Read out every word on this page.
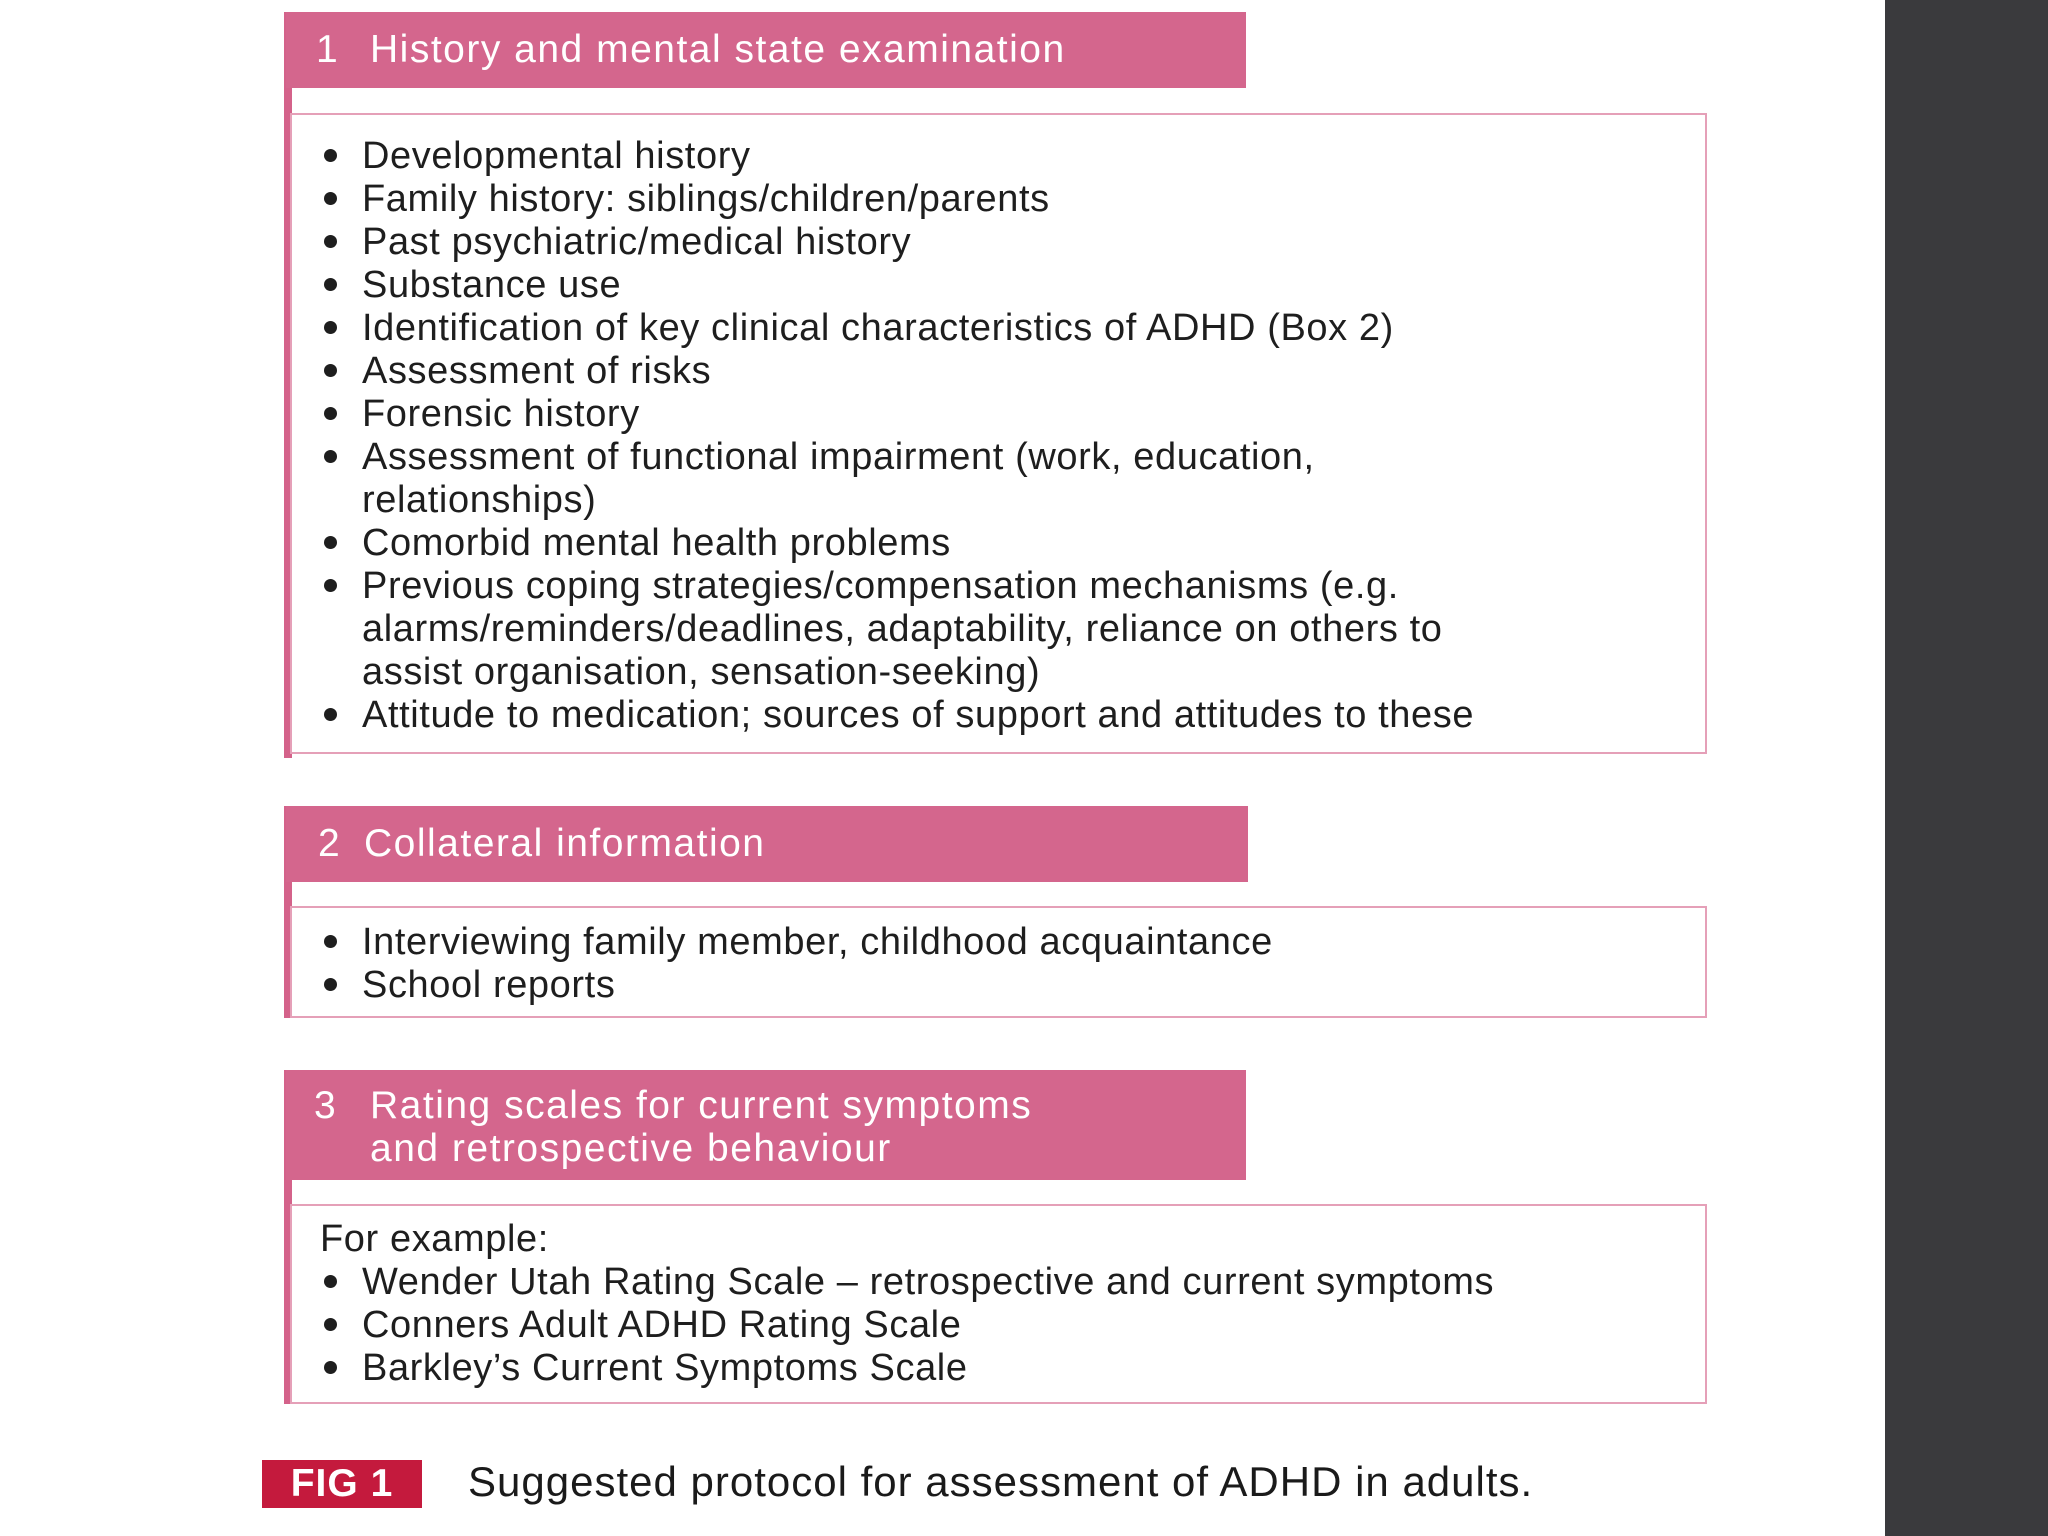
1 History and mental state examination
Developmental history
Family history: siblings/children/parents
Past psychiatric/medical history
Substance use
Identification of key clinical characteristics of ADHD (Box 2)
Assessment of risks
Forensic history
Assessment of functional impairment (work, education,
relationships)
Comorbid mental health problems
Previous coping strategies/compensation mechanisms (e.g.
alarms/reminders/deadlines, adaptability, reliance on others to
assist organisation, sensation-seeking)
Attitude to medication; sources of support and attitudes to these
2 Collateral information
Interviewing family member, childhood acquaintance
School reports
3 Rating scales for current symptoms
and retrospective behaviour
For example:
Wender Utah Rating Scale – retrospective and current symptoms
Conners Adult ADHD Rating Scale
Barkley’s Current Symptoms Scale
FIG 1	Suggested protocol for assessment of ADHD in adults.
